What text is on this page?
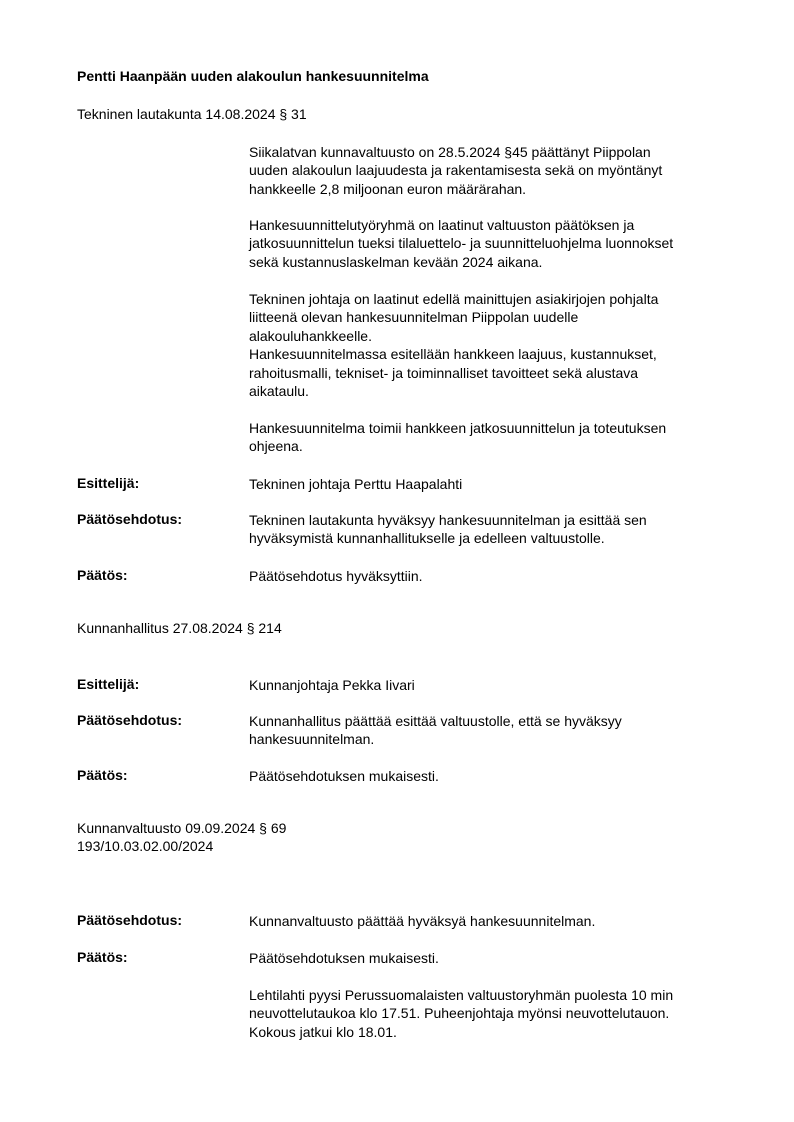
Pentti Haanpään uuden alakoulun hankesuunnitelma
Tekninen lautakunta 14.08.2024 § 31
Siikalatvan kunnavaltuusto on 28.5.2024 §45 päättänyt Piippolan
uuden alakoulun laajuudesta ja rakentamisesta sekä on myöntänyt
hankkeelle 2,8 miljoonan euron määrärahan.
Hankesuunnittelutyöryhmä on laatinut valtuuston päätöksen ja
jatkosuunnittelun tueksi tilaluettelo- ja suunnitteluohjelma luonnokset
sekä kustannuslaskelman kevään 2024 aikana.
Tekninen johtaja on laatinut edellä mainittujen asiakirjojen pohjalta
liitteenä olevan hankesuunnitelman Piippolan uudelle
alakouluhankkeelle.
Hankesuunnitelmassa esitellään hankkeen laajuus, kustannukset,
rahoitusmalli, tekniset- ja toiminnalliset tavoitteet sekä alustava
aikataulu.
Hankesuunnitelma toimii hankkeen jatkosuunnittelun ja toteutuksen
ohjeena.
Esittelijä:	Tekninen johtaja Perttu Haapalahti
Päätösehdotus:	Tekninen lautakunta hyväksyy hankesuunnitelman ja esittää sen
hyväksymistä kunnanhallitukselle ja edelleen valtuustolle.
Päätös:	Päätösehdotus hyväksyttiin.
Kunnanhallitus 27.08.2024 § 214
Esittelijä:	Kunnanjohtaja Pekka Iivari
Päätösehdotus:	Kunnanhallitus päättää esittää valtuustolle, että se hyväksyy
hankesuunnitelman.
Päätös:	Päätösehdotuksen mukaisesti.
Kunnanvaltuusto 09.09.2024 § 69
193/10.03.02.00/2024
Päätösehdotus:	Kunnanvaltuusto päättää hyväksyä hankesuunnitelman.
Päätös:	Päätösehdotuksen mukaisesti.
Lehtilahti pyysi Perussuomalaisten valtuustoryhmän puolesta 10 min
neuvottelutaukoa klo 17.51. Puheenjohtaja myönsi neuvottelutauon.
Kokous jatkui klo 18.01.
